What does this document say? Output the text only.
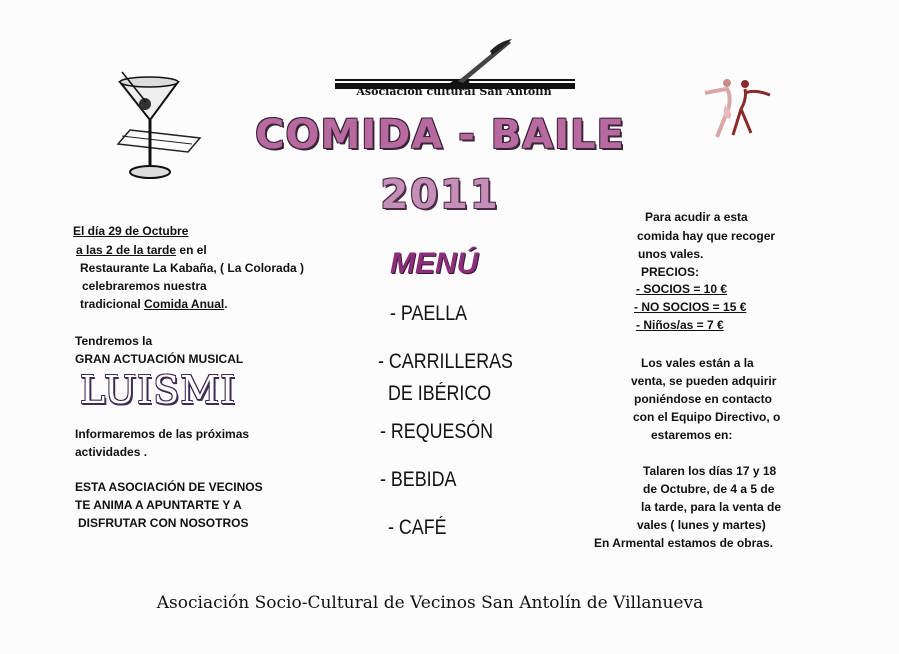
Asociación cultural San Antolín
COMIDA - BAILE
2011
El día 29 de Octubre
a las 2 de la tarde en el
Restaurante La Kabaña, ( La Colorada )
celebraremos nuestra
tradicional Comida Anual.
Tendremos la
GRAN ACTUACIÓN MUSICAL
LUISMI
Informaremos de las próximas
actividades .
ESTA ASOCIACIÓN DE VECINOS
TE ANIMA A APUNTARTE Y A
DISFRUTAR CON NOSOTROS
MENÚ
- PAELLA
- CARRILLERAS
DE IBÉRICO
- REQUESÓN
- BEBIDA
- CAFÉ
Para acudir a esta
comida hay que recoger
unos vales.
PRECIOS:
- SOCIOS = 10 €
- NO SOCIOS = 15 €
- Niños/as = 7 €
Los vales están a la
venta, se pueden adquirir
poniéndose en contacto
con el Equipo Directivo, o
estaremos en:
Talaren los días 17 y 18
de Octubre, de 4 a 5 de
la tarde, para la venta de
vales ( lunes y martes)
En Armental estamos de obras.
Asociación Socio-Cultural de Vecinos San Antolín de Villanueva
